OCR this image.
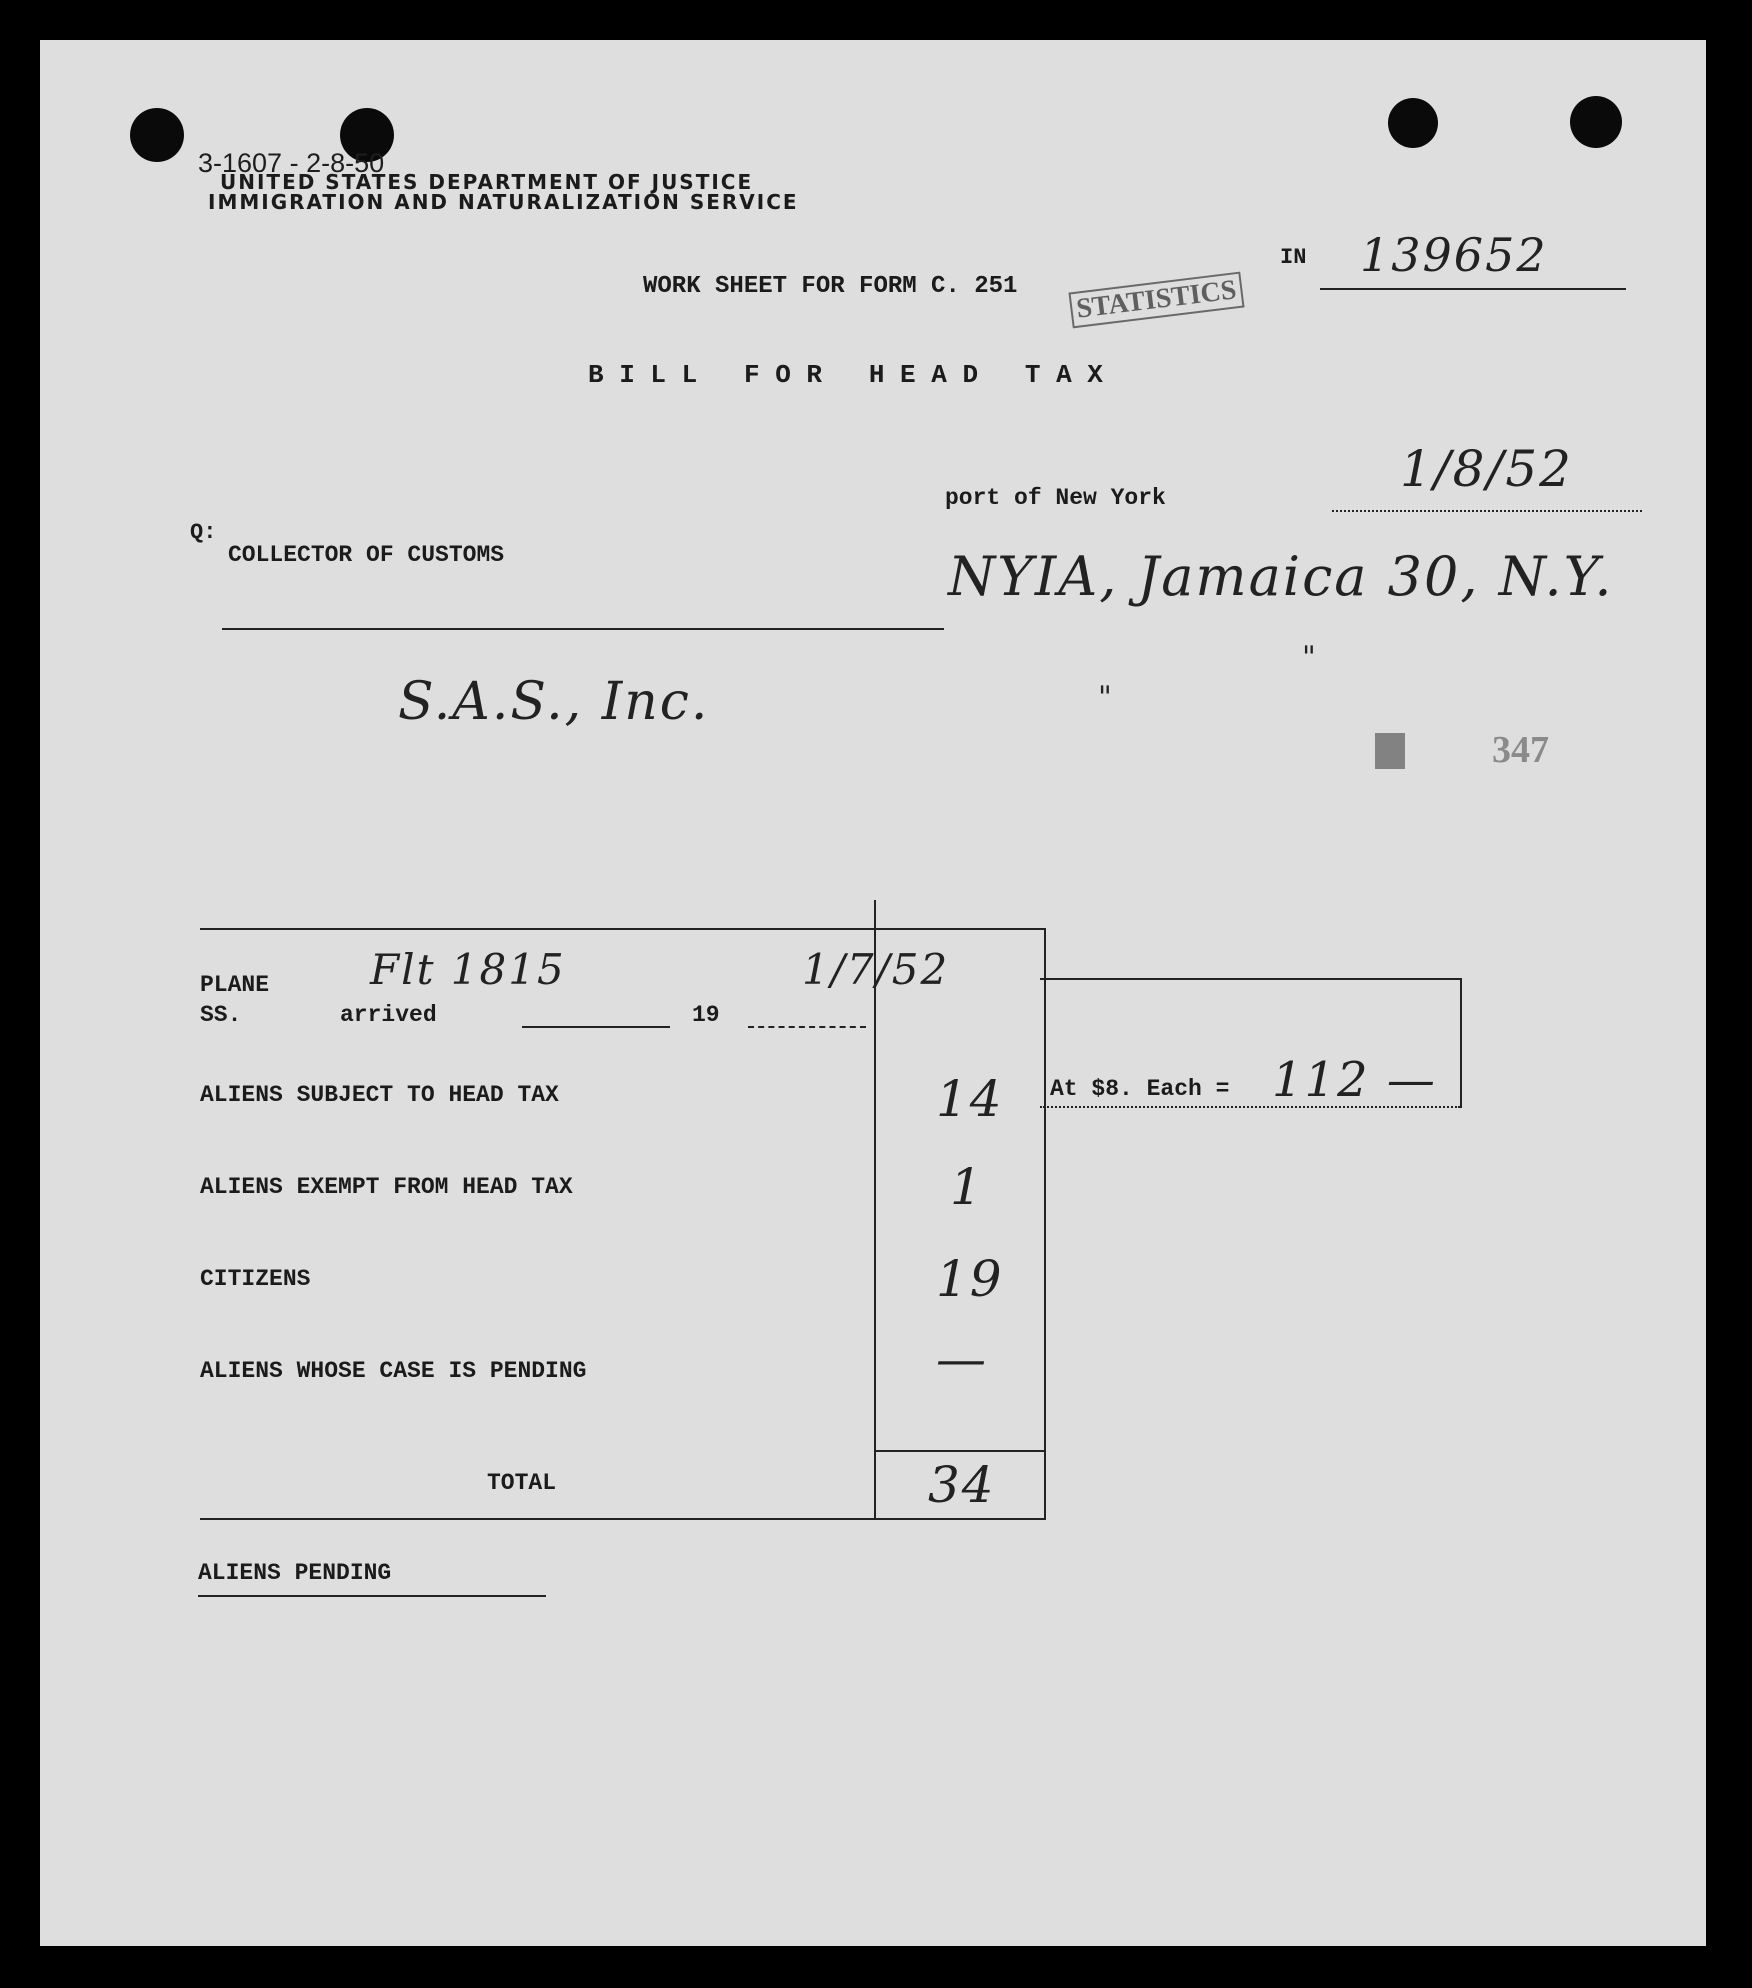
3-1607 - 2-8-50
UNITED STATES DEPARTMENT OF JUSTICE
IMMIGRATION AND NATURALIZATION SERVICE
WORK SHEET FOR FORM C. 251 STATISTICS
IN 139652
B I L L   F O R   H E A D   T A X
port of New York	1/8/52
Q:
COLLECTOR OF CUSTOMS	NYIA, Jamaica 30, N.Y.
"
"
S.A.S., Inc.
347
PLANE
SS.	arrived	19
Flt 1815	1/7/52
ALIENS SUBJECT TO HEAD TAX	14
ALIENS EXEMPT FROM HEAD TAX	1
CITIZENS	19
ALIENS WHOSE CASE IS PENDING	—
TOTAL	34
At $8. Each = 112 —
ALIENS PENDING
